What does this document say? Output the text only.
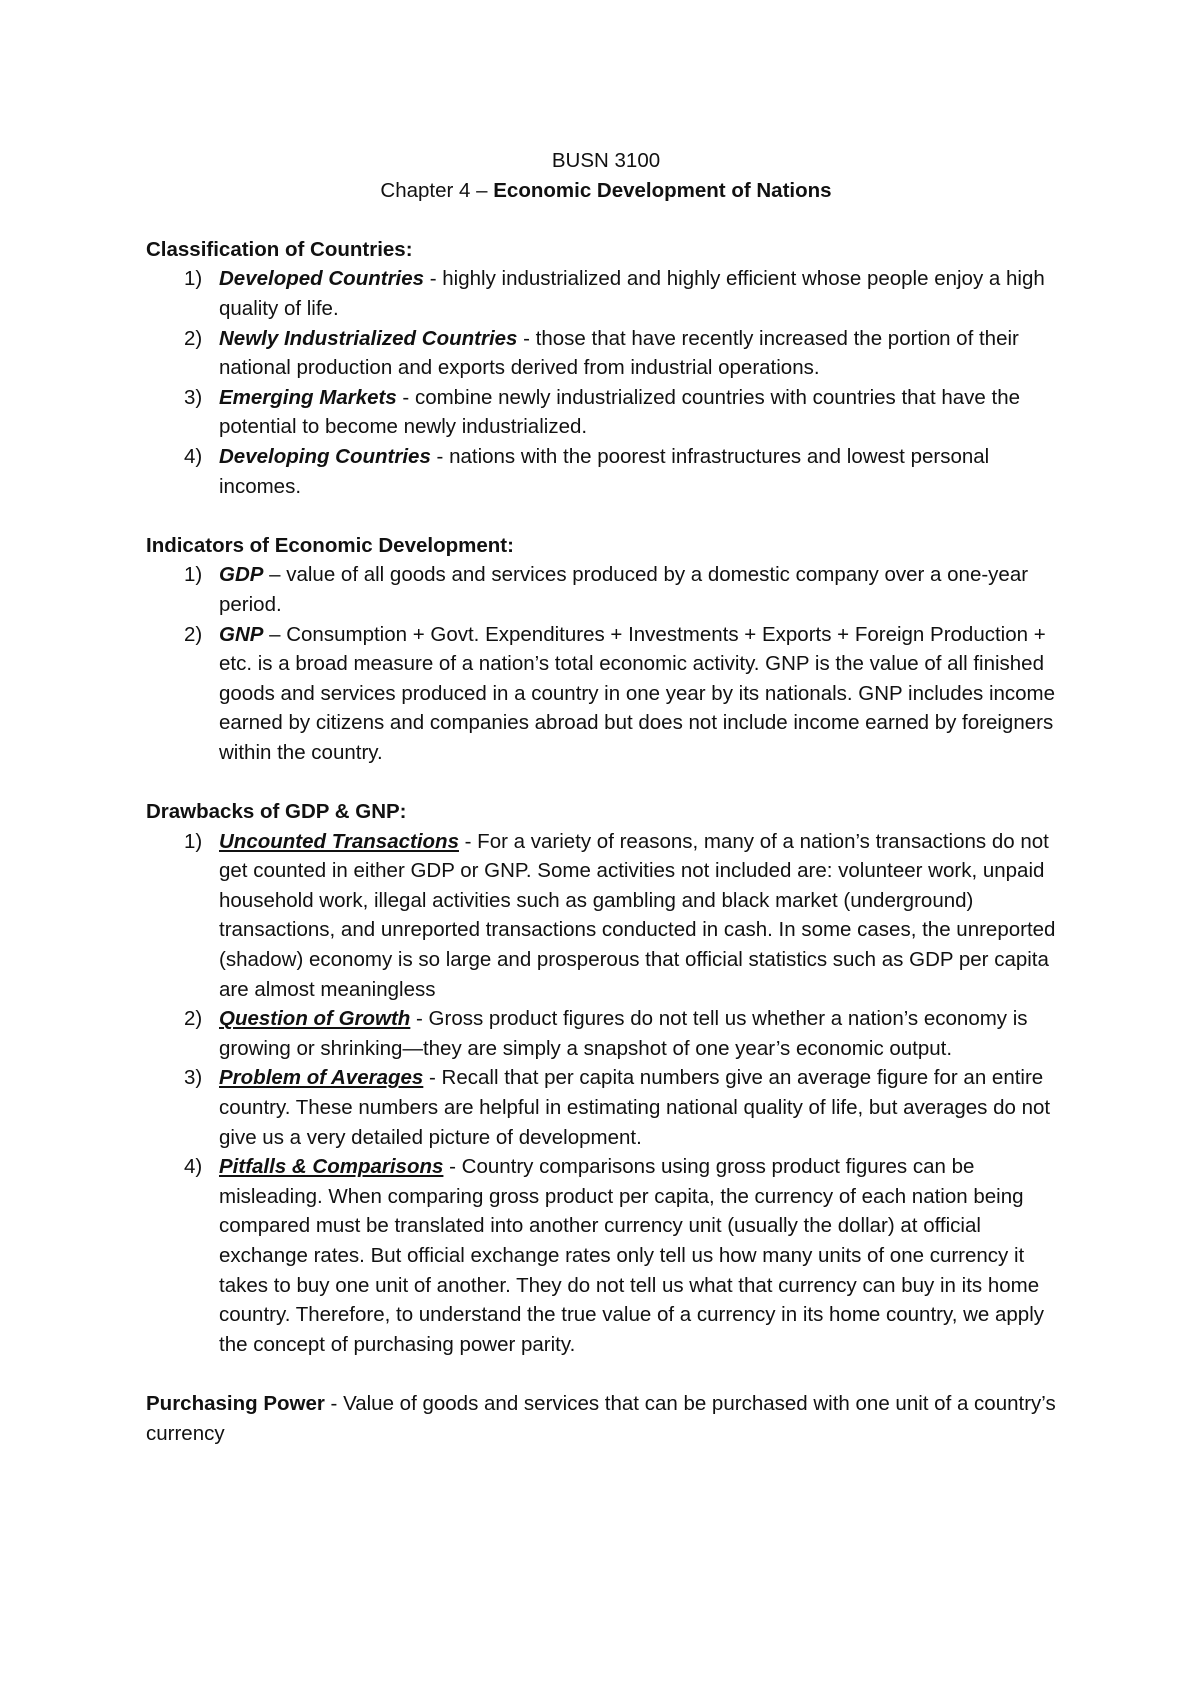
BUSN 3100
Chapter 4 – Economic Development of Nations
Classification of Countries:
1) Developed Countries - highly industrialized and highly efficient whose people enjoy a high quality of life.
2) Newly Industrialized Countries - those that have recently increased the portion of their national production and exports derived from industrial operations.
3) Emerging Markets - combine newly industrialized countries with countries that have the potential to become newly industrialized.
4) Developing Countries - nations with the poorest infrastructures and lowest personal incomes.
Indicators of Economic Development:
1) GDP – value of all goods and services produced by a domestic company over a one-year period.
2) GNP – Consumption + Govt. Expenditures + Investments + Exports + Foreign Production + etc. is a broad measure of a nation’s total economic activity. GNP is the value of all finished goods and services produced in a country in one year by its nationals. GNP includes income earned by citizens and companies abroad but does not include income earned by foreigners within the country.
Drawbacks of GDP & GNP:
1) Uncounted Transactions - For a variety of reasons, many of a nation’s transactions do not get counted in either GDP or GNP. Some activities not included are: volunteer work, unpaid household work, illegal activities such as gambling and black market (underground) transactions, and unreported transactions conducted in cash. In some cases, the unreported (shadow) economy is so large and prosperous that official statistics such as GDP per capita are almost meaningless
2) Question of Growth - Gross product figures do not tell us whether a nation’s economy is growing or shrinking—they are simply a snapshot of one year’s economic output.
3) Problem of Averages - Recall that per capita numbers give an average figure for an entire country. These numbers are helpful in estimating national quality of life, but averages do not give us a very detailed picture of development.
4) Pitfalls & Comparisons - Country comparisons using gross product figures can be misleading. When comparing gross product per capita, the currency of each nation being compared must be translated into another currency unit (usually the dollar) at official exchange rates. But official exchange rates only tell us how many units of one currency it takes to buy one unit of another. They do not tell us what that currency can buy in its home country. Therefore, to understand the true value of a currency in its home country, we apply the concept of purchasing power parity.
Purchasing Power - Value of goods and services that can be purchased with one unit of a country’s currency
